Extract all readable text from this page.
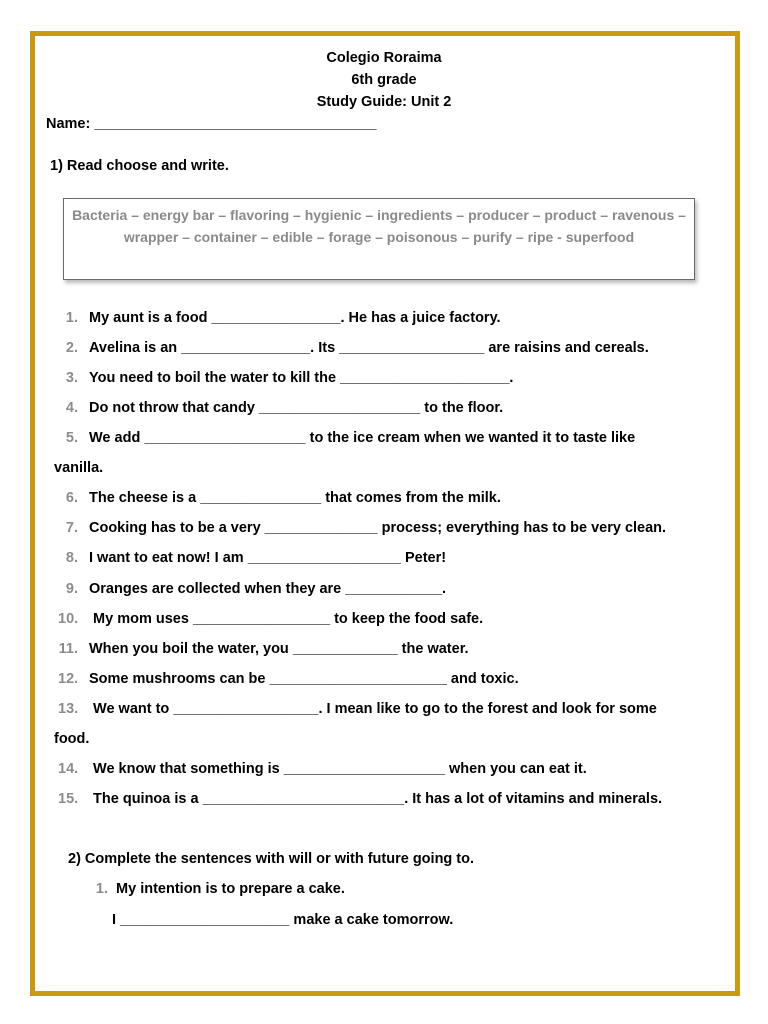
Colegio Roraima
6th grade
Study Guide: Unit 2
Name: ___________________________________
1) Read choose and write.
Bacteria – energy bar – flavoring – hygienic – ingredients – producer – product – ravenous – wrapper – container – edible – forage – poisonous – purify – ripe - superfood
1. My aunt is a food ________________. He has a juice factory.
2. Avelina is an ________________. Its __________________ are raisins and cereals.
3. You need to boil the water to kill the _____________________.
4. Do not throw that candy ____________________ to the floor.
5. We add ____________________ to the ice cream when we wanted it to taste like
vanilla.
6. The cheese is a _______________ that comes from the milk.
7. Cooking has to be a very ______________ process; everything has to be very clean.
8. I want to eat now! I am ___________________ Peter!
9. Oranges are collected when they are ____________.
10. My mom uses _________________ to keep the food safe.
11. When you boil the water, you _____________ the water.
12. Some mushrooms can be ______________________ and toxic.
13. We want to __________________. I mean like to go to the forest and look for some
food.
14. We know that something is ____________________ when you can eat it.
15. The quinoa is a _________________________. It has a lot of vitamins and minerals.
2) Complete the sentences with will or with future going to.
1. My intention is to prepare a cake.
I _____________________ make a cake tomorrow.
